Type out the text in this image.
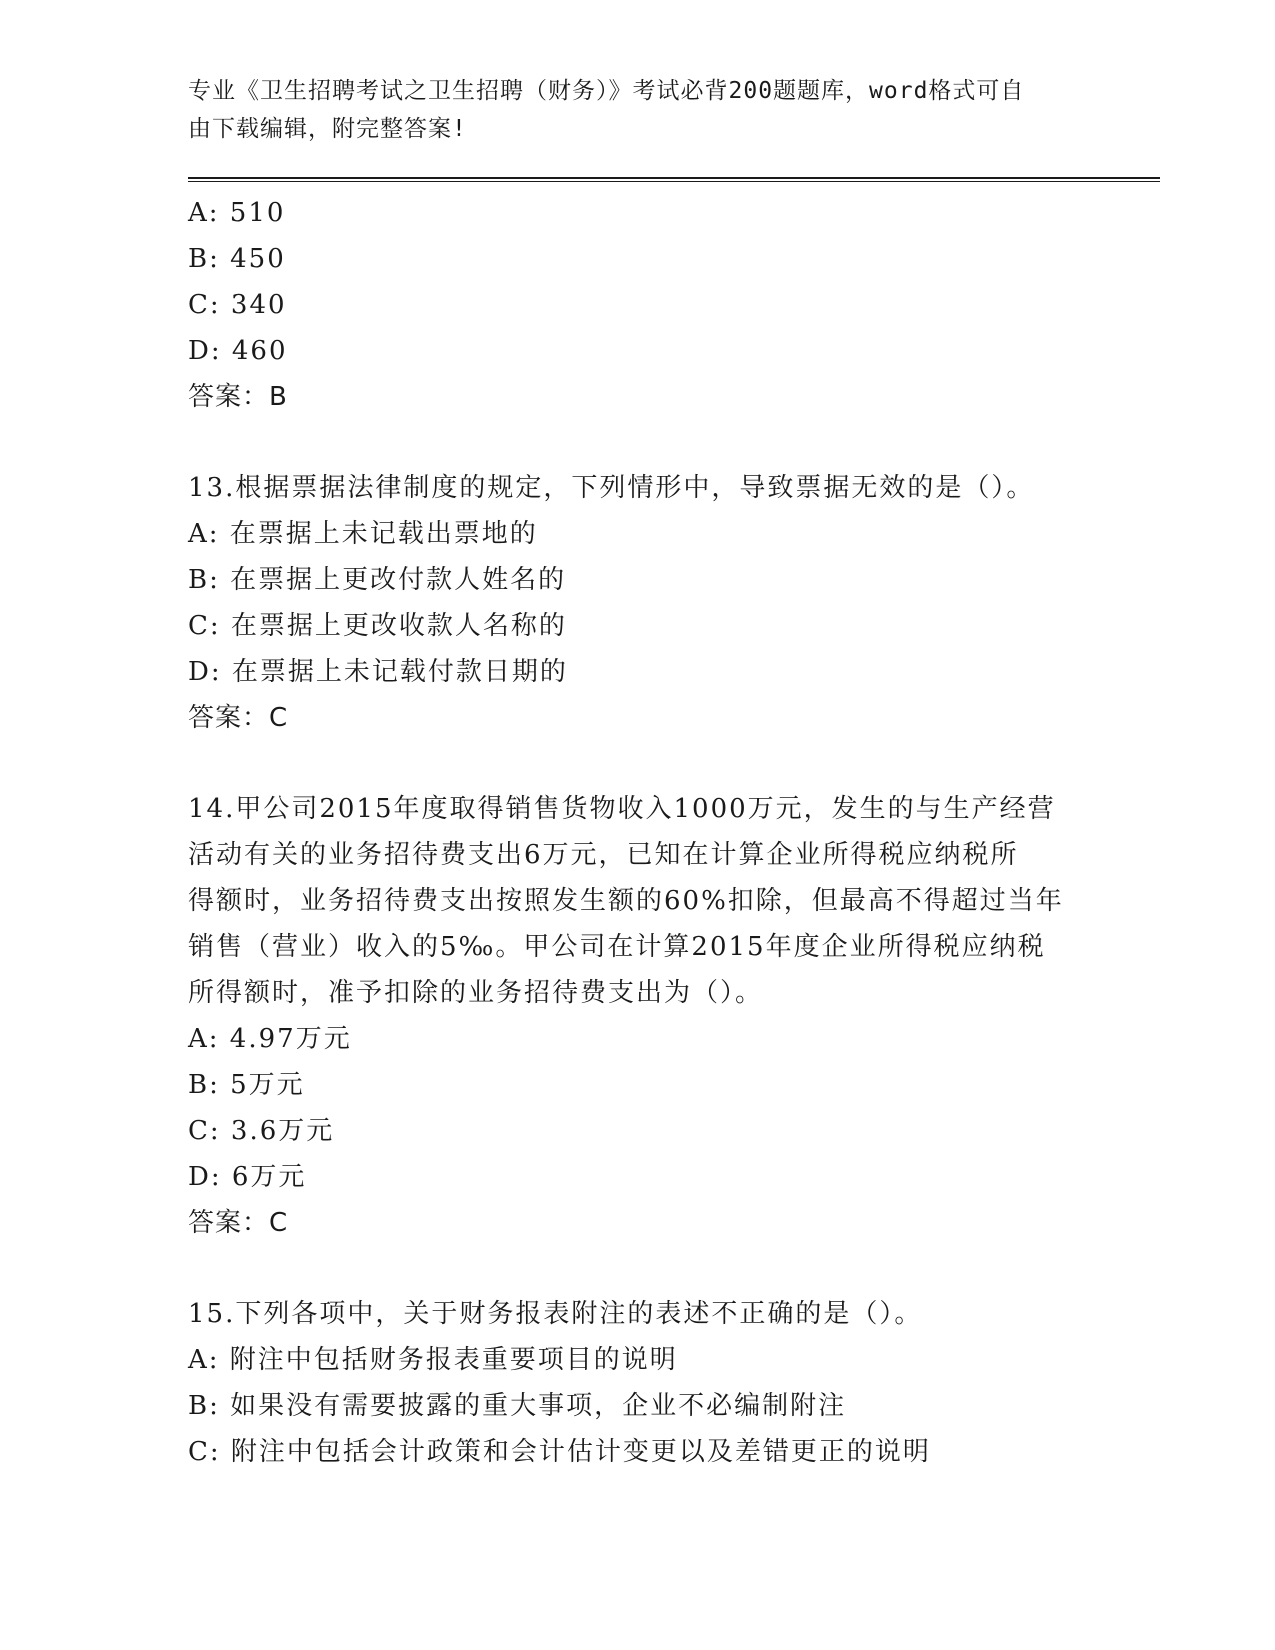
专业《卫生招聘考试之卫生招聘（财务）》考试必背200题题库，word格式可自
由下载编辑，附完整答案!
A: 510
B: 450
C: 340
D: 460
答案：B
13.根据票据法律制度的规定，下列情形中，导致票据无效的是（）。
A: 在票据上未记载出票地的
B: 在票据上更改付款人姓名的
C: 在票据上更改收款人名称的
D: 在票据上未记载付款日期的
答案：C
14.甲公司2015年度取得销售货物收入1000万元，发生的与生产经营
活动有关的业务招待费支出6万元，已知在计算企业所得税应纳税所
得额时，业务招待费支出按照发生额的60%扣除，但最高不得超过当年
销售（营业）收入的5‰。甲公司在计算2015年度企业所得税应纳税
所得额时，准予扣除的业务招待费支出为（）。
A: 4.97万元
B: 5万元
C: 3.6万元
D: 6万元
答案：C
15.下列各项中，关于财务报表附注的表述不正确的是（）。
A: 附注中包括财务报表重要项目的说明
B: 如果没有需要披露的重大事项，企业不必编制附注
C: 附注中包括会计政策和会计估计变更以及差错更正的说明
